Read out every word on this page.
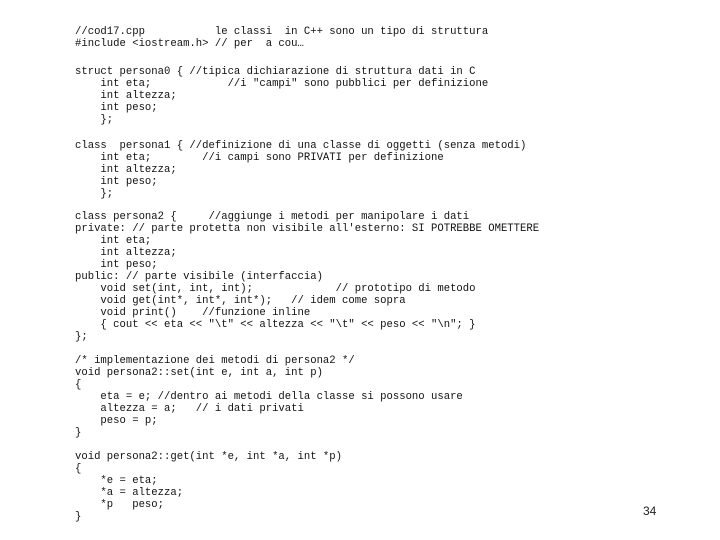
//cod17.cpp           le classi  in C++ sono un tipo di struttura
#include <iostream.h> // per  a cou…
struct persona0 { //tipica dichiarazione di struttura dati in C
int eta;            //i "campi" sono pubblici per definizione
int altezza;
int peso;
};
class  persona1 { //definizione di una classe di oggetti (senza metodi)
int eta;        //i campi sono PRIVATI per definizione
int altezza;
int peso;
};
class persona2 {     //aggiunge i metodi per manipolare i dati
private: // parte protetta non visibile all'esterno: SI POTREBBE OMETTERE
int eta;
int altezza;
int peso;
public: // parte visibile (interfaccia)
void set(int, int, int);             // prototipo di metodo
void get(int*, int*, int*);   // idem come sopra
void print()    //funzione inline
{ cout << eta << "\t" << altezza << "\t" << peso << "\n"; }
};
/* implementazione dei metodi di persona2 */
void persona2::set(int e, int a, int p)
{
eta = e; //dentro ai metodi della classe si possono usare
altezza = a;   // i dati privati
peso = p;
}
void persona2::get(int *e, int *a, int *p)
{
*e = eta;
*a = altezza;
*p   peso;
}	34
